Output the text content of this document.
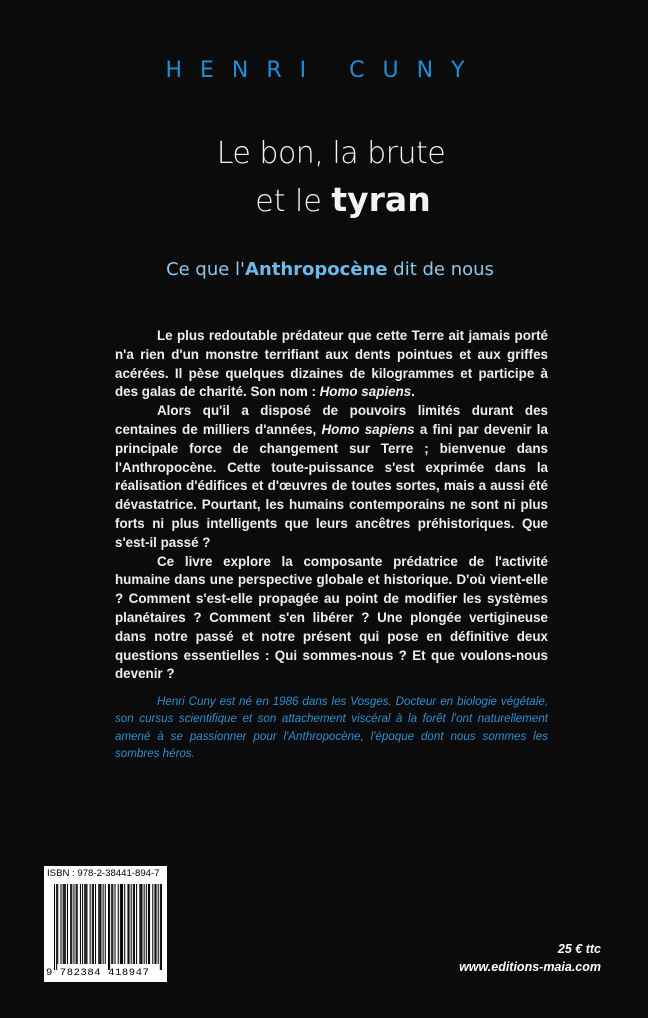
HENRI CUNY
Le bon, la brute
et le tyran
Ce que l'Anthropocène dit de nous

Le plus redoutable prédateur que cette Terre ait jamais porté n'a rien d'un monstre terrifiant aux dents pointues et aux griffes acérées. Il pèse quelques dizaines de kilogrammes et participe à des galas de charité. Son nom : Homo sapiens.

Alors qu'il a disposé de pouvoirs limités durant des centaines de milliers d'années, Homo sapiens a fini par devenir la principale force de changement sur Terre ; bienvenue dans l'Anthropocène. Cette toute-puissance s'est exprimée dans la réalisation d'édifices et d'œuvres de toutes sortes, mais a aussi été dévastatrice. Pourtant, les humains contemporains ne sont ni plus forts ni plus intelligents que leurs ancêtres préhistoriques. Que s'est-il passé ?

Ce livre explore la composante prédatrice de l'activité humaine dans une perspective globale et historique. D'où vient-elle ? Comment s'est-elle propagée au point de modifier les systèmes planétaires ? Comment s'en libérer ? Une plongée vertigineuse dans notre passé et notre présent qui pose en définitive deux questions essentielles : Qui sommes-nous ? Et que voulons-nous devenir ?

Henri Cuny est né en 1986 dans les Vosges. Docteur en biologie végétale, son cursus scientifique et son attachement viscéral à la forêt l'ont naturellement amené à se passionner pour l'Anthropocène, l'époque dont nous sommes les sombres héros.

ISBN : 978-2-38441-894-7
9 782384 418947
25 € ttc
www.editions-maia.com
